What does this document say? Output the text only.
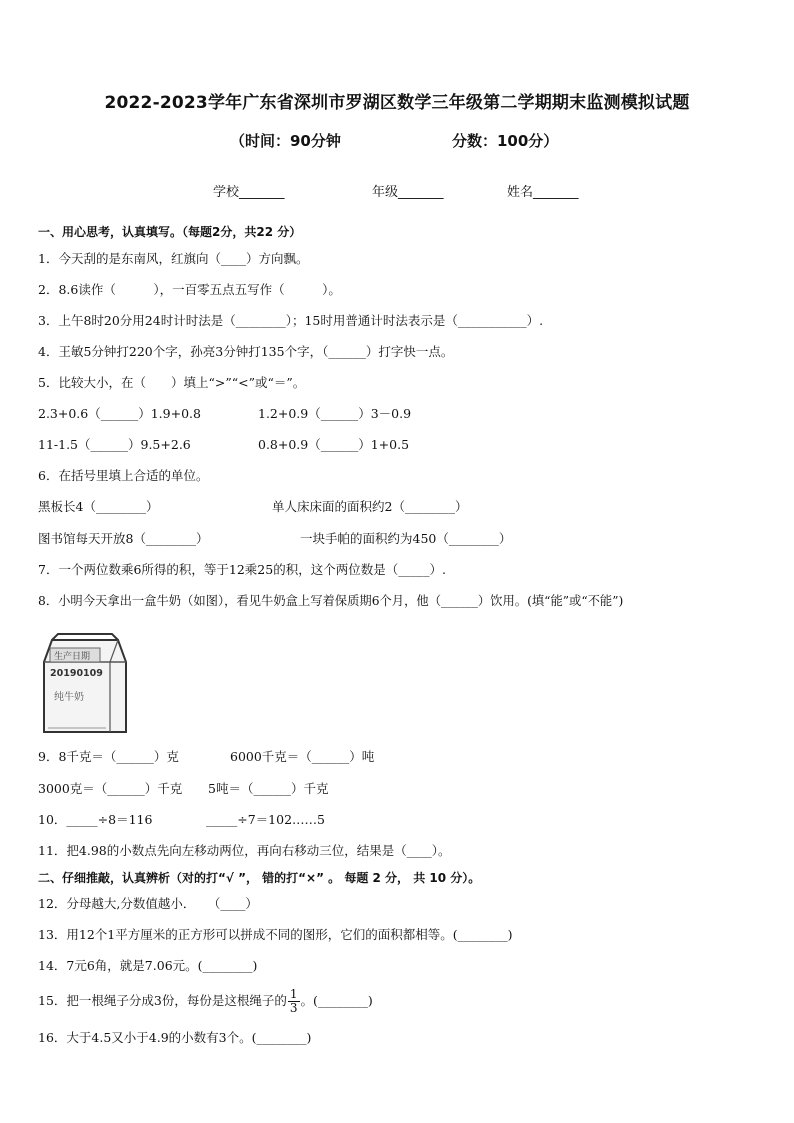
2022-2023学年广东省深圳市罗湖区数学三年级第二学期期末监测模拟试题
（时间：90分钟	分数：100分）
学校_______	年级_______	姓名_______
一、用心思考，认真填写。（每题2分，共22 分）
1．今天刮的是东南风，红旗向（____）方向飘。
2．8.6读作（　　　），一百零五点五写作（　　　）。
3．上午8时20分用24时计时法是（________）；15时用普通计时法表示是（___________）.
4．王敏5分钟打220个字，孙亮3分钟打135个字，（______）打字快一点。
5．比较大小，在（　　）填上“>”“<”或“＝”。
2.3+0.6（______）1.9+0.8	1.2+0.9（______）3－0.9
11-1.5（______）9.5+2.6	0.8+0.9（______）1+0.5
6．在括号里填上合适的单位。
黑板长4（________）	单人床床面的面积约2（________）
图书馆每天开放8（________）	一块手帕的面积约为450（________）
7．一个两位数乘6所得的积，等于12乘25的积，这个两位数是（_____）.
8．小明今天拿出一盒牛奶（如图），看见牛奶盒上写着保质期6个月，他（______）饮用。(填“能”或“不能”)
生产日期
20190109
纯牛奶
9．8千克＝（______）克	6000千克＝（______）吨
3000克＝（______）千克 5吨＝（______）千克
10．_____÷8＝116	_____÷7＝102……5
11．把4.98的小数点先向左移动两位，再向右移动三位，结果是（____）。
二、仔细推敲，认真辨析（对的打“√ ”， 错的打“×” 。 每题 2 分， 共 10 分）。
12．分母越大,分数值越小．　　（____）
13．用12个1平方厘米的正方形可以拼成不同的图形，它们的面积都相等。(________)
14．7元6角，就是7.06元。(________)
15．把一根绳子分成3份，每份是这根绳子的 $\frac{1}{3}$ 。(________)
16．大于4.5又小于4.9的小数有3个。(________)
